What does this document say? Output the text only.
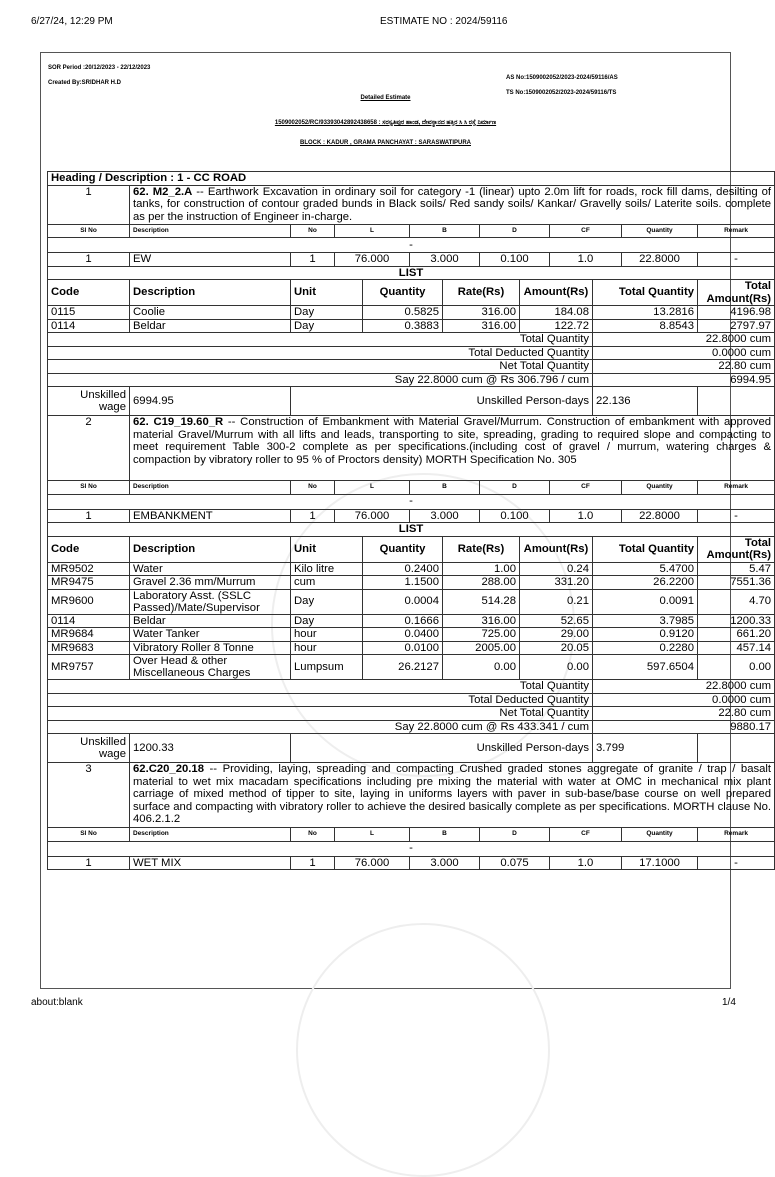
6/27/24, 12:29 PM	ESTIMATE NO : 2024/59116
SOR Period :20/12/2023 - 22/12/2023
Created By:SRIDHAR H.D
AS No:1509002052/2023-2024/59116/AS
TS No:1509002052/2023-2024/59116/TS
Detailed Estimate
1509002052/RC/93393042892438658 : ಸರಸ್ವತಿಪುರ ಹಾಂಡ, ದೇವಸ್ಥಾನದ ಹತ್ತಿರ ಸಿ ಸಿ ರಸ್ತೆ ನಿರ್ಮಾಣ
BLOCK : KADUR , GRAMA PANCHAYAT : SARASWATIPURA
Heading / Description : 1 - CC ROAD												
1	62. M2_2.A -- Earthwork Excavation in ordinary soil for category -1 (linear) upto 2.0m lift for roads, rock fill dams, desilting of tanks, for construction of contour graded bunds in Black soils/ Red sandy soils/ Kankar/ Gravelly soils/ Laterite soils. complete as per the instruction of Engineer in-charge.											
Sl No	Description	No	L		B		D		CF		Quantity	Remark
-												
1	EW	1	76.000		3.000		0.100		1.0		22.8000	-
LIST												
Code	Description	Unit		Quantity		Rate(Rs)		Amount(Rs)		Total Quantity		Total Amount(Rs)
0115	Coolie	Day		0.5825		316.00		184.08		13.2816		4196.98
0114	Beldar	Day		0.3883		316.00		122.72		8.8543		2797.97
Total Quantity										22.8000 cum		
Total Deducted Quantity										0.0000 cum		
Net Total Quantity										22.80 cum		
Say 22.8000 cum @ Rs 306.796 / cum										6994.95		
Unskilled wage	6994.95	Unskilled Person-days								22.136		
2	62. C19_19.60_R -- Construction of Embankment with Material Gravel/Murrum. Construction of embankment with approved material Gravel/Murrum with all lifts and leads, transporting to site, spreading, grading to required slope and compacting to meet requirement Table 300-2 complete as per specifications.(including cost of gravel / murrum, watering charges & compaction by vibratory roller to 95 % of Proctors density) MORTH Specification No. 305											
Sl No	Description	No	L		B		D		CF		Quantity	Remark
-												
1	EMBANKMENT	1	76.000		3.000		0.100		1.0		22.8000	-
LIST												
Code	Description	Unit		Quantity		Rate(Rs)		Amount(Rs)		Total Quantity		Total Amount(Rs)
MR9502	Water	Kilo litre		0.2400		1.00		0.24		5.4700		5.47
MR9475	Gravel 2.36 mm/Murrum	cum		1.1500		288.00		331.20		26.2200		7551.36
MR9600	Laboratory Asst. (SSLC Passed)/Mate/Supervisor	Day		0.0004		514.28		0.21		0.0091		4.70
0114	Beldar	Day		0.1666		316.00		52.65		3.7985		1200.33
MR9684	Water Tanker	hour		0.0400		725.00		29.00		0.9120		661.20
MR9683	Vibratory Roller 8 Tonne	hour		0.0100		2005.00		20.05		0.2280		457.14
MR9757	Over Head & other Miscellaneous Charges	Lumpsum		26.2127		0.00		0.00		597.6504		0.00
Total Quantity										22.8000 cum		
Total Deducted Quantity										0.0000 cum		
Net Total Quantity										22.80 cum		
Say 22.8000 cum @ Rs 433.341 / cum										9880.17		
Unskilled wage	1200.33	Unskilled Person-days								3.799		
3	62.C20_20.18 -- Providing, laying, spreading and compacting Crushed graded stones aggregate of granite / trap / basalt material to wet mix macadam specifications including pre mixing the material with water at OMC in mechanical mix plant carriage of mixed method of tipper to site, laying in uniforms layers with paver in sub-base/base course on well prepared surface and compacting with vibratory roller to achieve the desired basically complete as per specifications. MORTH clause No. 406.2.1.2											
Sl No	Description	No	L		B		D		CF		Quantity	Remark
-												
1	WET MIX	1	76.000		3.000		0.075		1.0		17.1000	-
about:blank	1/4
